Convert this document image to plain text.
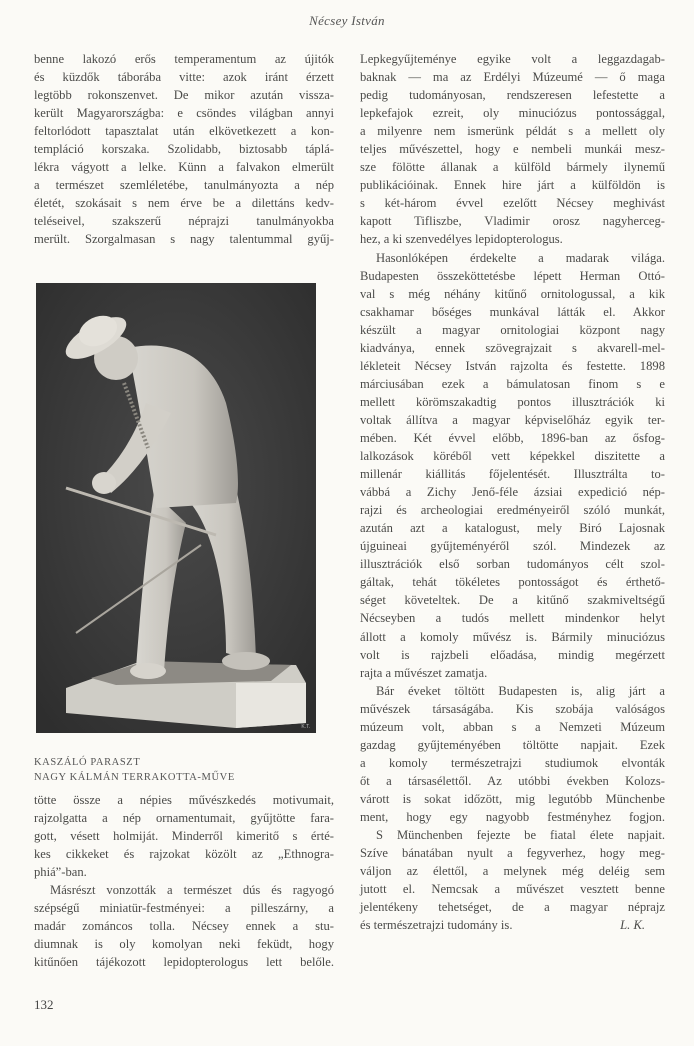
Nécsey István
benne lakozó erős temperamentum az újitók
és küzdők táborába vitte: azok iránt érzett
legtöbb rokonszenvet. De mikor azután vissza-
került Magyarországba: e csöndes világban annyi
feltorlódott tapasztalat után elkövetkezett a kon-
templáció korszaka. Szolidabb, biztosabb táplá-
lékra vágyott a lelke. Künn a falvakon elmerült
a természet szemléletébe, tanulmányozta a nép
életét, szokásait s nem érve be a dilettáns kedv-
teléseivel, szakszerű néprajzi tanulmányokba
merült. Szorgalmasan s nagy talentummal gyűj-
K.T.
KASZÁLÓ PARASZT
NAGY KÁLMÁN TERRAKOTTA-MŰVE

tötte össze a népies művészkedés motivumait,
rajzolgatta a nép ornamentumait, gyűjtötte fara-
gott, vésett holmiját. Minderről kimeritő s érté-
kes cikkeket és rajzokat közölt az „Ethnogra-
phiá”-ban.

Másrészt vonzották a természet dús és ragyogó
szépségű miniatür-festményei: a pilleszárny, a
madár zománcos tolla. Nécsey ennek a stu-
diumnak is oly komolyan neki feküdt, hogy
kitűnően tájékozott lepidopterologus lett belőle.

Lepkegyűjteménye egyike volt a leggazdagab-
baknak — ma az Erdélyi Múzeumé — ő maga
pedig tudományosan, rendszeresen lefestette a
lepkefajok ezreit, oly minuciózus pontossággal,
a milyenre nem ismerünk példát s a mellett oly
teljes művészettel, hogy e nembeli munkái mesz-
sze fölötte állanak a külföld bármely ilynemű
publikációinak. Ennek hire járt a külföldön is
s két-három évvel ezelőtt Nécsey meghivást
kapott Tifliszbe, Vladimir orosz nagyherceg-
hez, a ki szenvedélyes lepidopterologus.

Hasonlóképen érdekelte a madarak világa.
Budapesten összeköttetésbe lépett Herman Ottó-
val s még néhány kitűnő ornitologussal, a kik
csakhamar bőséges munkával látták el. Akkor
készült a magyar ornitologiai központ nagy
kiadványa, ennek szövegrajzait s akvarell-mel-
lékleteit Nécsey István rajzolta és festette. 1898
márciusában ezek a bámulatosan finom s e
mellett körömszakadtig pontos illusztrációk ki
voltak állítva a magyar képviselőház egyik ter-
mében. Két évvel előbb, 1896-ban az ősfog-
lalkozások köréből vett képekkel diszitette a
millenár kiállitás főjelentését. Illusztrálta to-
vábbá a Zichy Jenő-féle ázsiai expedició nép-
rajzi és archeologiai eredményeiről szóló munkát,
azután azt a katalogust, mely Biró Lajosnak
újguineai gyűjteményéről szól. Mindezek az
illusztrációk első sorban tudományos célt szol-
gáltak, tehát tökéletes pontosságot és érthető-
séget követeltek. De a kitűnő szakmiveltségű
Nécseyben a tudós mellett mindenkor helyt
állott a komoly művész is. Bármily minuciózus
volt is rajzbeli előadása, mindig megérzett
rajta a művészet zamatja.

Bár éveket töltött Budapesten is, alig járt a
művészek társaságába. Kis szobája valóságos
múzeum volt, abban s a Nemzeti Múzeum
gazdag gyűjteményében töltötte napjait. Ezek
a komoly természetrajzi studiumok elvonták
őt a társasélettől. Az utóbbi években Kolozs-
várott is sokat időzött, mig legutóbb Münchenbe
ment, hogy egy nagyobb festményhez fogjon.

S Münchenben fejezte be fiatal élete napjait.
Szíve bánatában nyult a fegyverhez, hogy meg-
váljon az élettől, a melynek még deléig sem
jutott el. Nemcsak a művészet vesztett benne
jelentékeny tehetséget, de a magyar néprajz
és természetrajzi tudomány is.	L. K.

132
